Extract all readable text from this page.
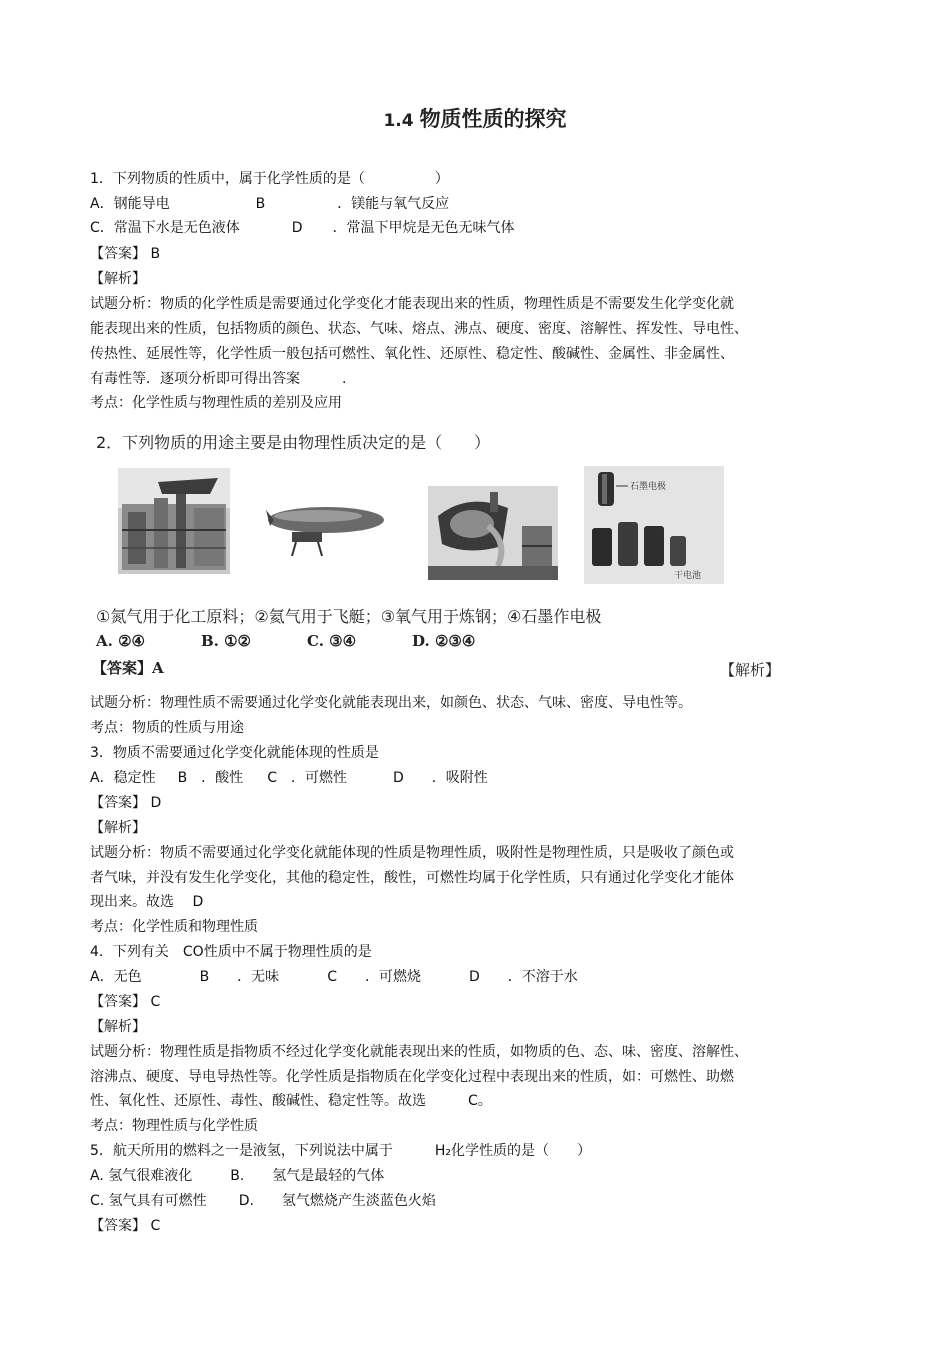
1.4 物质性质的探究
1．下列物质的性质中，属于化学性质的是（　　　　　）
A．钢能导电	B	．镁能与氧气反应
C．常温下水是无色液体	D ．常温下甲烷是无色无味气体
【答案】 B
【解析】
试题分析：物质的化学性质是需要通过化学变化才能表现出来的性质，物理性质是不需要发生化学变化就
能表现出来的性质，包括物质的颜色、状态、气味、熔点、沸点、硬度、密度、溶解性、挥发性、导电性、
传热性、延展性等，化学性质一般包括可燃性、氧化性、还原性、稳定性、酸碱性、金属性、非金属性、
有毒性等．逐项分析即可得出答案　　　.
考点：化学性质与物理性质的差别及应用
2．下列物质的用途主要是由物理性质决定的是（　　）
石墨电极
干电池
①氮气用于化工原料；②氦气用于飞艇；③氧气用于炼钢；④石墨作电极
A. ②④	B. ①②	C. ③④	D. ②③④
【答案】A	【解析】
试题分析：物理性质不需要通过化学变化就能表现出来，如颜色、状态、气味、密度、导电性等。
考点：物质的性质与用途
3．物质不需要通过化学变化就能体现的性质是
A．稳定性 B　．酸性 C　．可燃性	D　　．吸附性
【答案】 D
【解析】
试题分析：物质不需要通过化学变化就能体现的性质是物理性质，吸附性是物理性质，只是吸收了颜色或
者气味，并没有发生化学变化，其他的稳定性，酸性，可燃性均属于化学性质，只有通过化学变化才能体
现出来。故选　 D
考点：化学性质和物理性质
4．下列有关　CO性质中不属于物理性质的是
A．无色	B　　．无味	C　　．可燃烧	D　　．不溶于水
【答案】 C
【解析】
试题分析：物理性质是指物质不经过化学变化就能表现出来的性质，如物质的色、态、味、密度、溶解性、
溶沸点、硬度、导电导热性等。化学性质是指物质在化学变化过程中表现出来的性质，如：可燃性、助燃
性、氧化性、还原性、毒性、酸碱性、稳定性等。故选　　　C。
考点：物理性质与化学性质
5．航天所用的燃料之一是液氢，下列说法中属于　　　H₂化学性质的是（　　）
A. 氢气很难液化	B.　　氢气是最轻的气体
C. 氢气具有可燃性 D.　　氢气燃烧产生淡蓝色火焰
【答案】 C
